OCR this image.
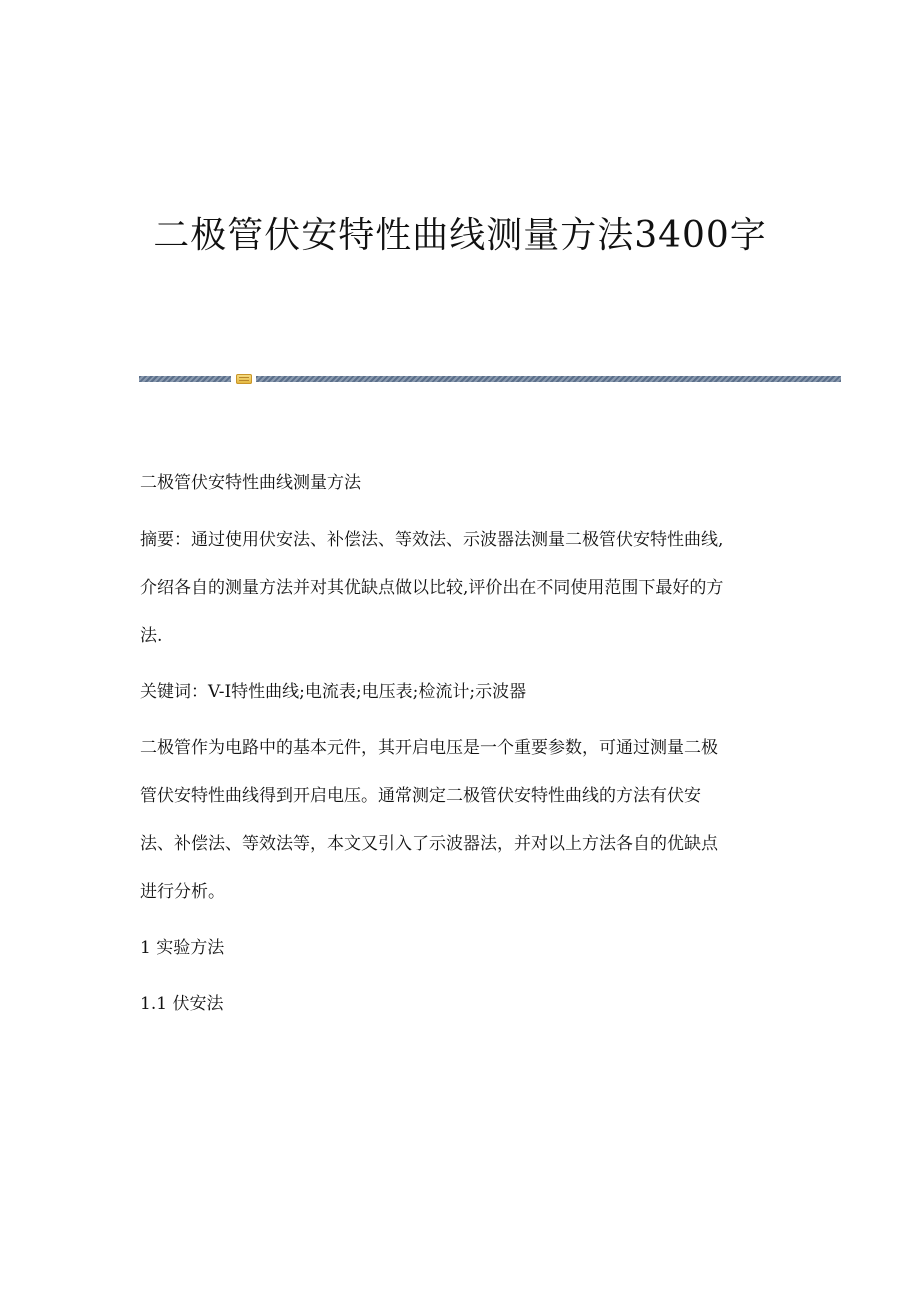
二极管伏安特性曲线测量方法3400字
二极管伏安特性曲线测量方法
摘要：通过使用伏安法、补偿法、等效法、示波器法测量二极管伏安特性曲线,
介绍各自的测量方法并对其优缺点做以比较,评价出在不同使用范围下最好的方
法.
关键词：V-I特性曲线;电流表;电压表;检流计;示波器
二极管作为电路中的基本元件，其开启电压是一个重要参数，可通过测量二极
管伏安特性曲线得到开启电压。通常测定二极管伏安特性曲线的方法有伏安
法、补偿法、等效法等，本文又引入了示波器法，并对以上方法各自的优缺点
进行分析。
1 实验方法
1.1 伏安法
